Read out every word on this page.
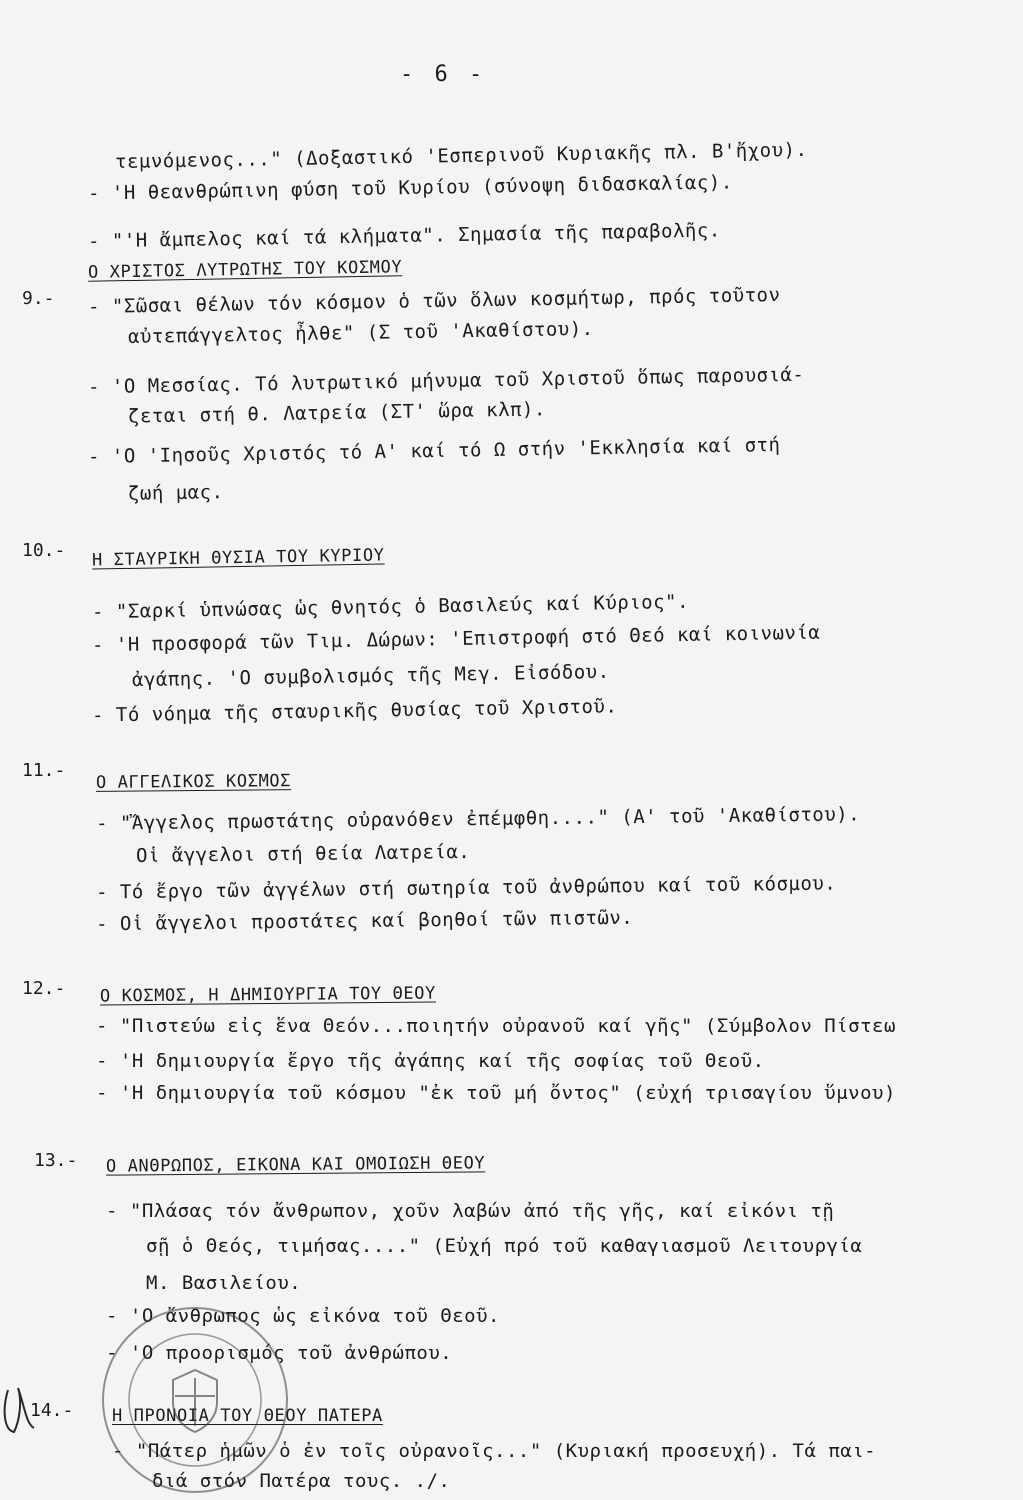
- 6 -
τεμνόμενος..." (Δοξαστικό 'Εσπερινοῦ Κυριακῆς πλ. Β'ἤχου).
- 'Η θεανθρώπινη φύση τοῦ Κυρίου (σύνοψη διδασκαλίας).
- "'Η ἄμπελος καί τά κλήματα". Σημασία τῆς παραβολῆς.
9.-
Ο ΧΡΙΣΤΟΣ ΛΥΤΡΩΤΗΣ ΤΟΥ ΚΟΣΜΟΥ
- "Σῶσαι θέλων τόν κόσμον ὁ τῶν ὅλων κοσμήτωρ, πρός τοῦτον
αὐτεπάγγελτος ἦλθε" (Σ τοῦ 'Ακαθίστου).
- 'Ο Μεσσίας. Τό λυτρωτικό μήνυμα τοῦ Χριστοῦ ὅπως παρουσιά-
ζεται στή θ. Λατρεία (ΣΤ' ὥρα κλπ).
- 'Ο 'Ιησοῦς Χριστός τό Α' καί τό Ω στήν 'Εκκλησία καί στή
ζωή μας.
10.- Η ΣΤΑΥΡΙΚΗ ΘΥΣΙΑ ΤΟΥ ΚΥΡΙΟΥ
- "Σαρκί ὑπνώσας ὡς θνητός ὁ Βασιλεύς καί Κύριος".
- 'Η προσφορά τῶν Τιμ. Δώρων: 'Επιστροφή στό Θεό καί κοινωνία
ἀγάπης. 'Ο συμβολισμός τῆς Μεγ. Εἰσόδου.
- Τό νόημα τῆς σταυρικῆς θυσίας τοῦ Χριστοῦ.
11.-
Ο ΑΓΓΕΛΙΚΟΣ ΚΟΣΜΟΣ
- "Ἄγγελος πρωστάτης οὐρανόθεν ἐπέμφθη...." (Α' τοῦ 'Ακαθίστου).
Οἱ ἄγγελοι στή θεία Λατρεία.
- Τό ἔργο τῶν ἀγγέλων στή σωτηρία τοῦ ἀνθρώπου καί τοῦ κόσμου.
- Οἱ ἄγγελοι προστάτες καί βοηθοί τῶν πιστῶν.
12.- Ο ΚΟΣΜΟΣ, Η ΔΗΜΙΟΥΡΓΙΑ ΤΟΥ ΘΕΟΥ
- "Πιστεύω εἰς ἕνα Θεόν...ποιητήν οὐρανοῦ καί γῆς" (Σύμβολον Πίστεω
- 'Η δημιουργία ἔργο τῆς ἀγάπης καί τῆς σοφίας τοῦ Θεοῦ.
- 'Η δημιουργία τοῦ κόσμου "ἐκ τοῦ μή ὄντος" (εὐχή τρισαγίου ὕμνου)
13.- Ο ΑΝΘΡΩΠΟΣ, ΕΙΚΟΝΑ ΚΑΙ ΟΜΟΙΩΣΗ ΘΕΟΥ
- "Πλάσας τόν ἄνθρωπον, χοῦν λαβών ἀπό τῆς γῆς, καί εἰκόνι τῇ
σῇ ὁ Θεός, τιμήσας...." (Εὐχή πρό τοῦ καθαγιασμοῦ Λειτουργία
Μ. Βασιλείου.
- 'Ο ἄνθρωπος ὡς εἰκόνα τοῦ Θεοῦ.
- 'Ο προορισμός τοῦ ἀνθρώπου.
14.- Η ΠΡΟΝΟΙΑ ΤΟΥ ΘΕΟΥ ΠΑΤΕΡΑ
- "Πάτερ ἡμῶν ὁ ἐν τοῖς οὐρανοῖς..." (Κυριακή προσευχή). Τά παι-
διά στόν Πατέρα τους. ./.
